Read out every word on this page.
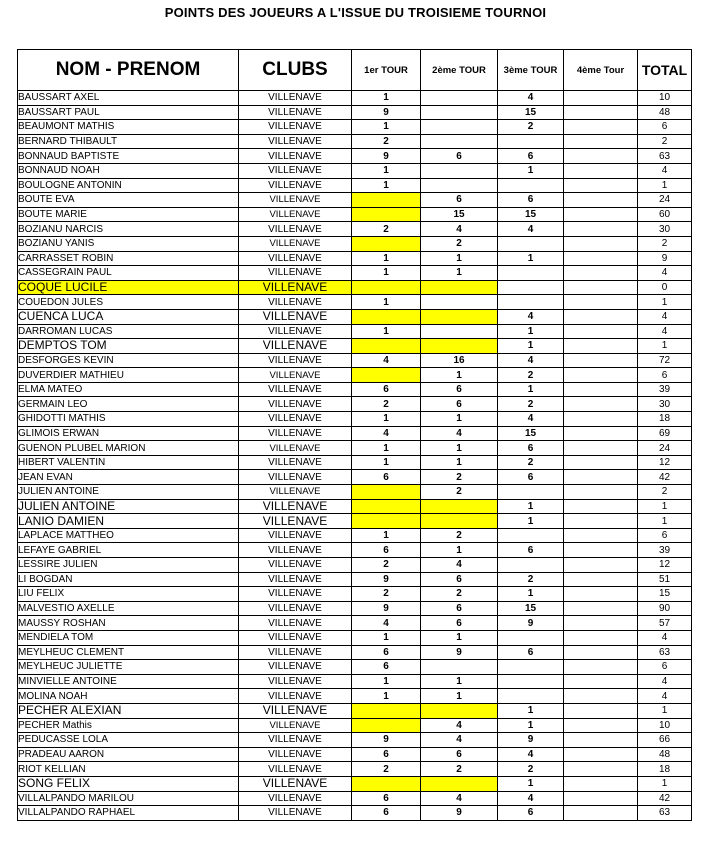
POINTS DES JOUEURS A L'ISSUE DU TROISIEME TOURNOI
NOM - PRENOM	CLUBS	1er TOUR	2ème TOUR	3ème TOUR	4ème Tour	TOTAL
BAUSSART AXEL	VILLENAVE	1		4		10
BAUSSART PAUL	VILLENAVE	9		15		48
BEAUMONT MATHIS	VILLENAVE	1		2		6
BERNARD THIBAULT	VILLENAVE	2				2
BONNAUD BAPTISTE	VILLENAVE	9	6	6		63
BONNAUD NOAH	VILLENAVE	1		1		4
BOULOGNE ANTONIN	VILLENAVE	1				1
BOUTE EVA	VILLENAVE		6	6		24
BOUTE MARIE	VILLENAVE		15	15		60
BOZIANU NARCIS	VILLENAVE	2	4	4		30
BOZIANU YANIS	VILLENAVE		2			2
CARRASSET ROBIN	VILLENAVE	1	1	1		9
CASSEGRAIN PAUL	VILLENAVE	1	1			4
COQUE LUCILE	VILLENAVE					0
COUEDON JULES	VILLENAVE	1				1
CUENCA LUCA	VILLENAVE			4		4
DARROMAN LUCAS	VILLENAVE	1		1		4
DEMPTOS TOM	VILLENAVE			1		1
DESFORGES KEVIN	VILLENAVE	4	16	4		72
DUVERDIER MATHIEU	VILLENAVE		1	2		6
ELMA MATEO	VILLENAVE	6	6	1		39
GERMAIN LEO	VILLENAVE	2	6	2		30
GHIDOTTI MATHIS	VILLENAVE	1	1	4		18
GLIMOIS ERWAN	VILLENAVE	4	4	15		69
GUENON PLUBEL MARION	VILLENAVE	1	1	6		24
HIBERT VALENTIN	VILLENAVE	1	1	2		12
JEAN EVAN	VILLENAVE	6	2	6		42
JULIEN ANTOINE	VILLENAVE		2			2
JULIEN ANTOINE	VILLENAVE			1		1
LANIO DAMIEN	VILLENAVE			1		1
LAPLACE MATTHEO	VILLENAVE	1	2			6
LEFAYE GABRIEL	VILLENAVE	6	1	6		39
LESSIRE JULIEN	VILLENAVE	2	4			12
LI BOGDAN	VILLENAVE	9	6	2		51
LIU FELIX	VILLENAVE	2	2	1		15
MALVESTIO AXELLE	VILLENAVE	9	6	15		90
MAUSSY ROSHAN	VILLENAVE	4	6	9		57
MENDIELA TOM	VILLENAVE	1	1			4
MEYLHEUC CLEMENT	VILLENAVE	6	9	6		63
MEYLHEUC JULIETTE	VILLENAVE	6				6
MINVIELLE ANTOINE	VILLENAVE	1	1			4
MOLINA NOAH	VILLENAVE	1	1			4
PECHER ALEXIAN	VILLENAVE			1		1
PECHER Mathis	VILLENAVE		4	1		10
PEDUCASSE LOLA	VILLENAVE	9	4	9		66
PRADEAU AARON	VILLENAVE	6	6	4		48
RIOT KELLIAN	VILLENAVE	2	2	2		18
SONG FELIX	VILLENAVE			1		1
VILLALPANDO MARILOU	VILLENAVE	6	4	4		42
VILLALPANDO RAPHAEL	VILLENAVE	6	9	6		63
